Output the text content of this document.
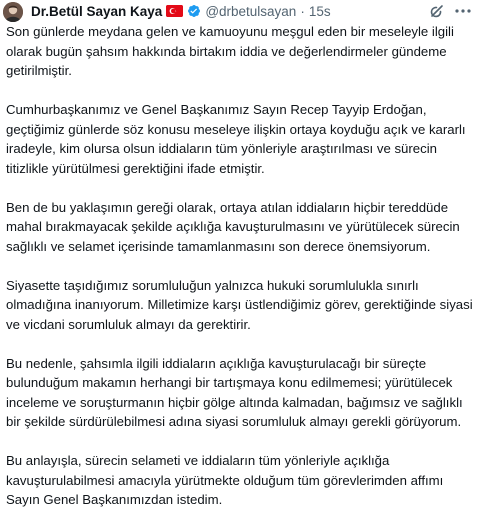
Dr.Betül Sayan Kaya	@drbetulsayan · 15s

Son günlerde meydana gelen ve kamuoyunu meşgul eden bir meseleyle ilgili olarak bugün şahsım hakkında birtakım iddia ve değerlendirmeler gündeme getirilmiştir.

Cumhurbaşkanımız ve Genel Başkanımız Sayın Recep Tayyip Erdoğan, geçtiğimiz günlerde söz konusu meseleye ilişkin ortaya koyduğu açık ve kararlı iradeyle, kim olursa olsun iddiaların tüm yönleriyle araştırılması ve sürecin titizlikle yürütülmesi gerektiğini ifade etmiştir.

Ben de bu yaklaşımın gereği olarak, ortaya atılan iddiaların hiçbir tereddüde mahal bırakmayacak şekilde açıklığa kavuşturulmasını ve yürütülecek sürecin sağlıklı ve selamet içerisinde tamamlanmasını son derece önemsiyorum.

Siyasette taşıdığımız sorumluluğun yalnızca hukuki sorumlulukla sınırlı olmadığına inanıyorum. Milletimize karşı üstlendiğimiz görev, gerektiğinde siyasi ve vicdani sorumluluk almayı da gerektirir.

Bu nedenle, şahsımla ilgili iddiaların açıklığa kavuşturulacağı bir süreçte bulunduğum makamın herhangi bir tartışmaya konu edilmemesi; yürütülecek inceleme ve soruşturmanın hiçbir gölge altında kalmadan, bağımsız ve sağlıklı bir şekilde sürdürülebilmesi adına siyasi sorumluluk almayı gerekli görüyorum.

Bu anlayışla, sürecin selameti ve iddiaların tüm yönleriyle açıklığa kavuşturulabilmesi amacıyla yürütmekte olduğum tüm görevlerimden affımı Sayın Genel Başkanımızdan istedim.
